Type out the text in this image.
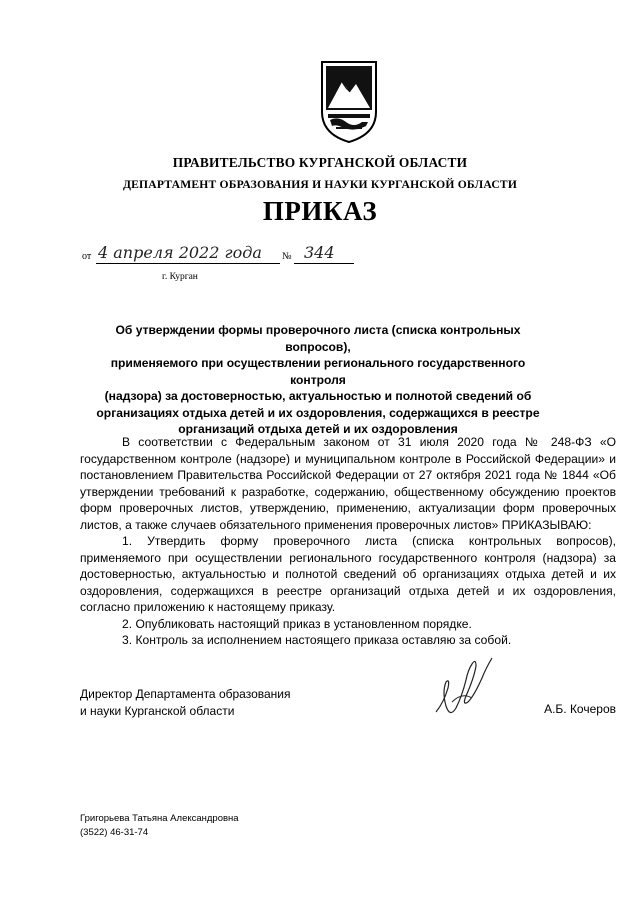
ПРАВИТЕЛЬСТВО КУРГАНСКОЙ ОБЛАСТИ
ДЕПАРТАМЕНТ ОБРАЗОВАНИЯ И НАУКИ КУРГАНСКОЙ ОБЛАСТИ
ПРИКАЗ
от 4 апреля 2022 года № 344
г. Курган
Об утверждении формы проверочного листа (списка контрольных вопросов),
применяемого при осуществлении регионального государственного контроля
(надзора) за достоверностью, актуальностью и полнотой сведений об
организациях отдыха детей и их оздоровления, содержащихся в реестре
организаций отдыха детей и их оздоровления

В соответствии с Федеральным законом от 31 июля 2020 года № 248-ФЗ «О государственном контроле (надзоре) и муниципальном контроле в Российской Федерации» и постановлением Правительства Российской Федерации от 27 октября 2021 года № 1844 «Об утверждении требований к разработке, содержанию, общественному обсуждению проектов форм проверочных листов, утверждению, применению, актуализации форм проверочных листов, а также случаев обязательного применения проверочных листов» ПРИКАЗЫВАЮ:

1. Утвердить форму проверочного листа (списка контрольных вопросов), применяемого при осуществлении регионального государственного контроля (надзора) за достоверностью, актуальностью и полнотой сведений об организациях отдыха детей и их оздоровления, содержащихся в реестре организаций отдыха детей и их оздоровления, согласно приложению к настоящему приказу.

2. Опубликовать настоящий приказ в установленном порядке.

3. Контроль за исполнением настоящего приказа оставляю за собой.

Директор Департамента образования
и науки Курганской области	А.Б. Кочеров
Григорьева Татьяна Александровна
(3522) 46-31-74
